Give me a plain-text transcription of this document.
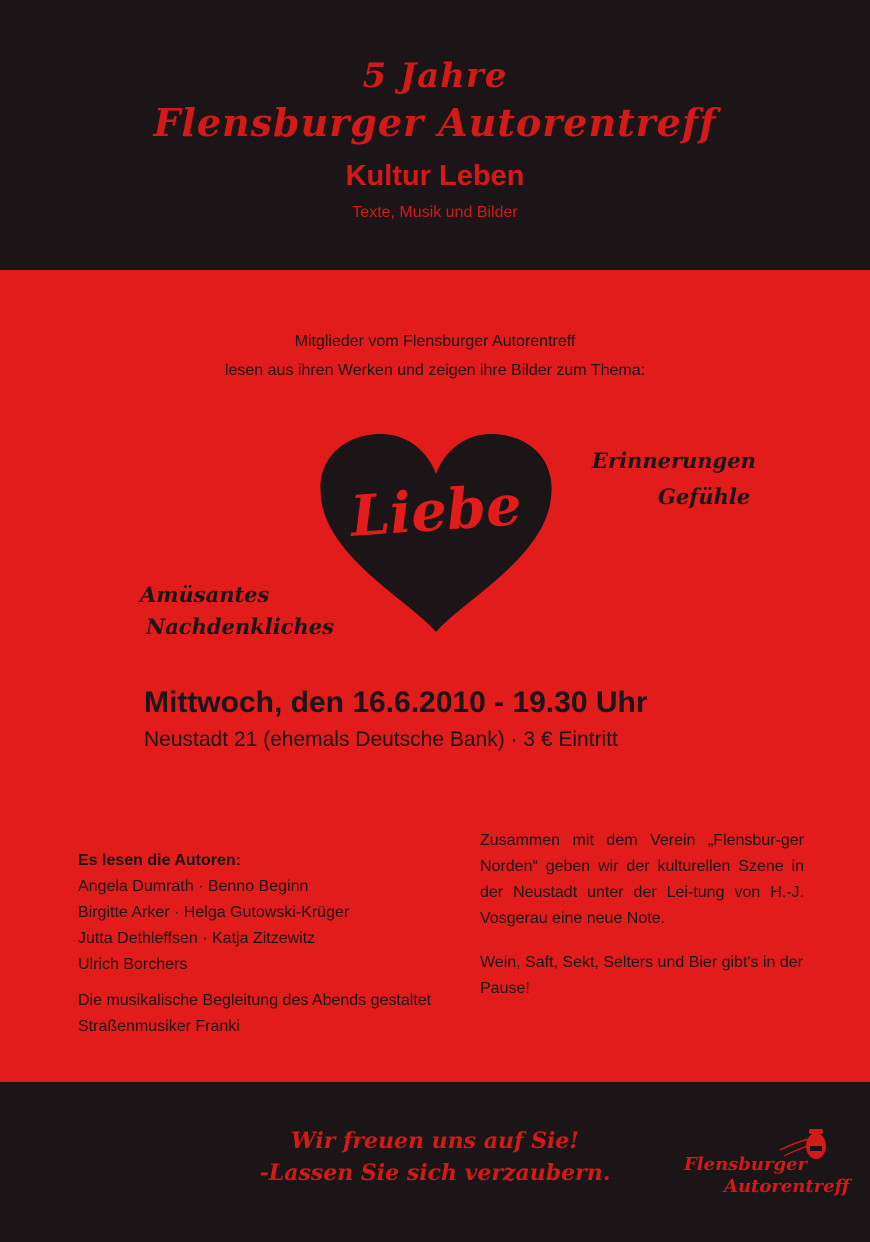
5 Jahre
Flensburger Autorentreff
Kultur Leben
Texte, Musik und Bilder
Mitglieder vom Flensburger Autorentreff
lesen aus ihren Werken und zeigen ihre Bilder zum Thema:
Liebe
Erinnerungen
Gefühle
Amüsantes
Nachdenkliches
Mittwoch, den 16.6.2010 - 19.30 Uhr
Neustadt 21 (ehemals Deutsche Bank) · 3 € Eintritt
Es lesen die Autoren:
Angela Dumrath · Benno Beginn
Birgitte Arker · Helga Gutowski-Krüger
Jutta Dethleffsen · Katja Zitzewitz
Ulrich Borchers
Die musikalische Begleitung des Abends gestaltet Straßenmusiker Franki
Zusammen mit dem Verein „Flensbur-ger Norden“ geben wir der kulturellen Szene in der Neustadt unter der Lei-tung von H.-J. Vosgerau eine neue Note.
Wein, Saft, Sekt, Selters und Bier gibt's in der Pause!
Wir freuen uns auf Sie!
-Lassen Sie sich verzaubern.	Flensburger
Autorentreff
